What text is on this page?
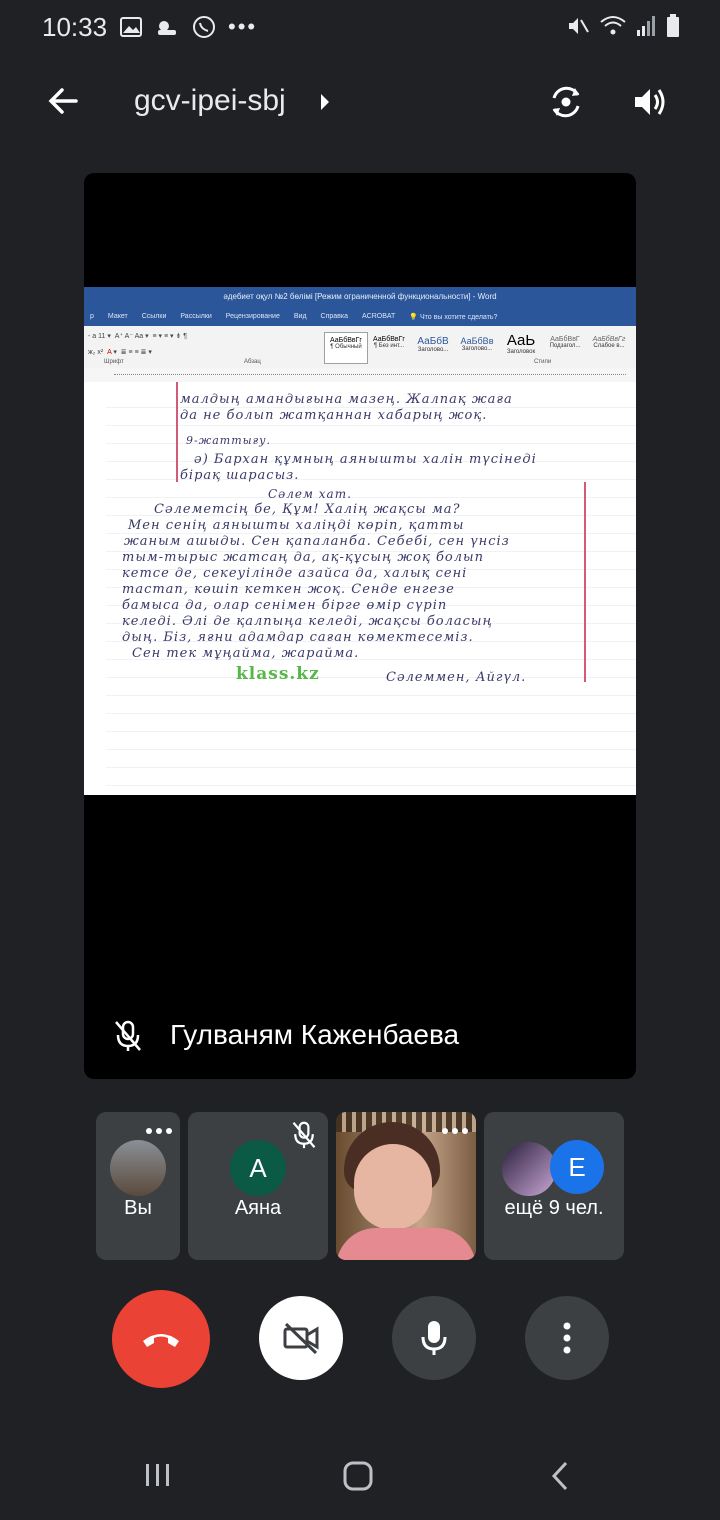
10:33	•••
gcv-ipei-sbj
әдебиет оқул №2 бөлімі [Режим ограниченной функциональности] - Word
р Макет Ссылки Рассылки Рецензирование Вид Справка ACROBAT 💡 Что вы хотите сделать?
- а 11 ▾  A⁺ A⁻ Aa ▾  ≡ ▾ ≡ ▾ ⇟ ¶
ж₂ x²  A ▾  ≣ ≡ ≡ ≣ ▾
АаБбВвГг
¶ Обычный
АаБбВвГг
¶ Без инт...	АаБбВ
Заголово...
АаБбВв
Заголово... АаЬ
Заголовок
АаБбВвГ
Подзагол...
АаБбВвГг
Слабое в...
Шрифт	Абзац	Стили
малдың амандығына мазең. Жалпақ жаға
да не болып жатқаннан хабарың жоқ.
9-жаттығу.
ә) Бархан құмның аянышты халін түсінеді
бірақ шарасыз.
Сәлем хат.
Сәлеметсің бе, Құм! Халің жақсы ма?
Мен сенің аянышты халіңді көріп, қатты
жаным ашыды. Сен қапаланба. Себебі, сен үнсіз
тым-тырыс жатсаң да, ақ-құсың жоқ болып
кетсе де, секеуілінде азайса да, халық сені
тастап, көшіп кеткен жоқ. Сенде енгезе
бамыса да, олар сенімен бірге өмір сүріп
келеді. Әлі де қалпыңа келеді, жақсы боласың
дың. Біз, яғни адамдар саған көмектесеміз.
Сен тек мұңайма, жарайма.
klass.kz	Сәлеммен, Айгүл.
Гулваням Каженбаева
Вы
А
Аяна
Е
ещё 9 чел.
